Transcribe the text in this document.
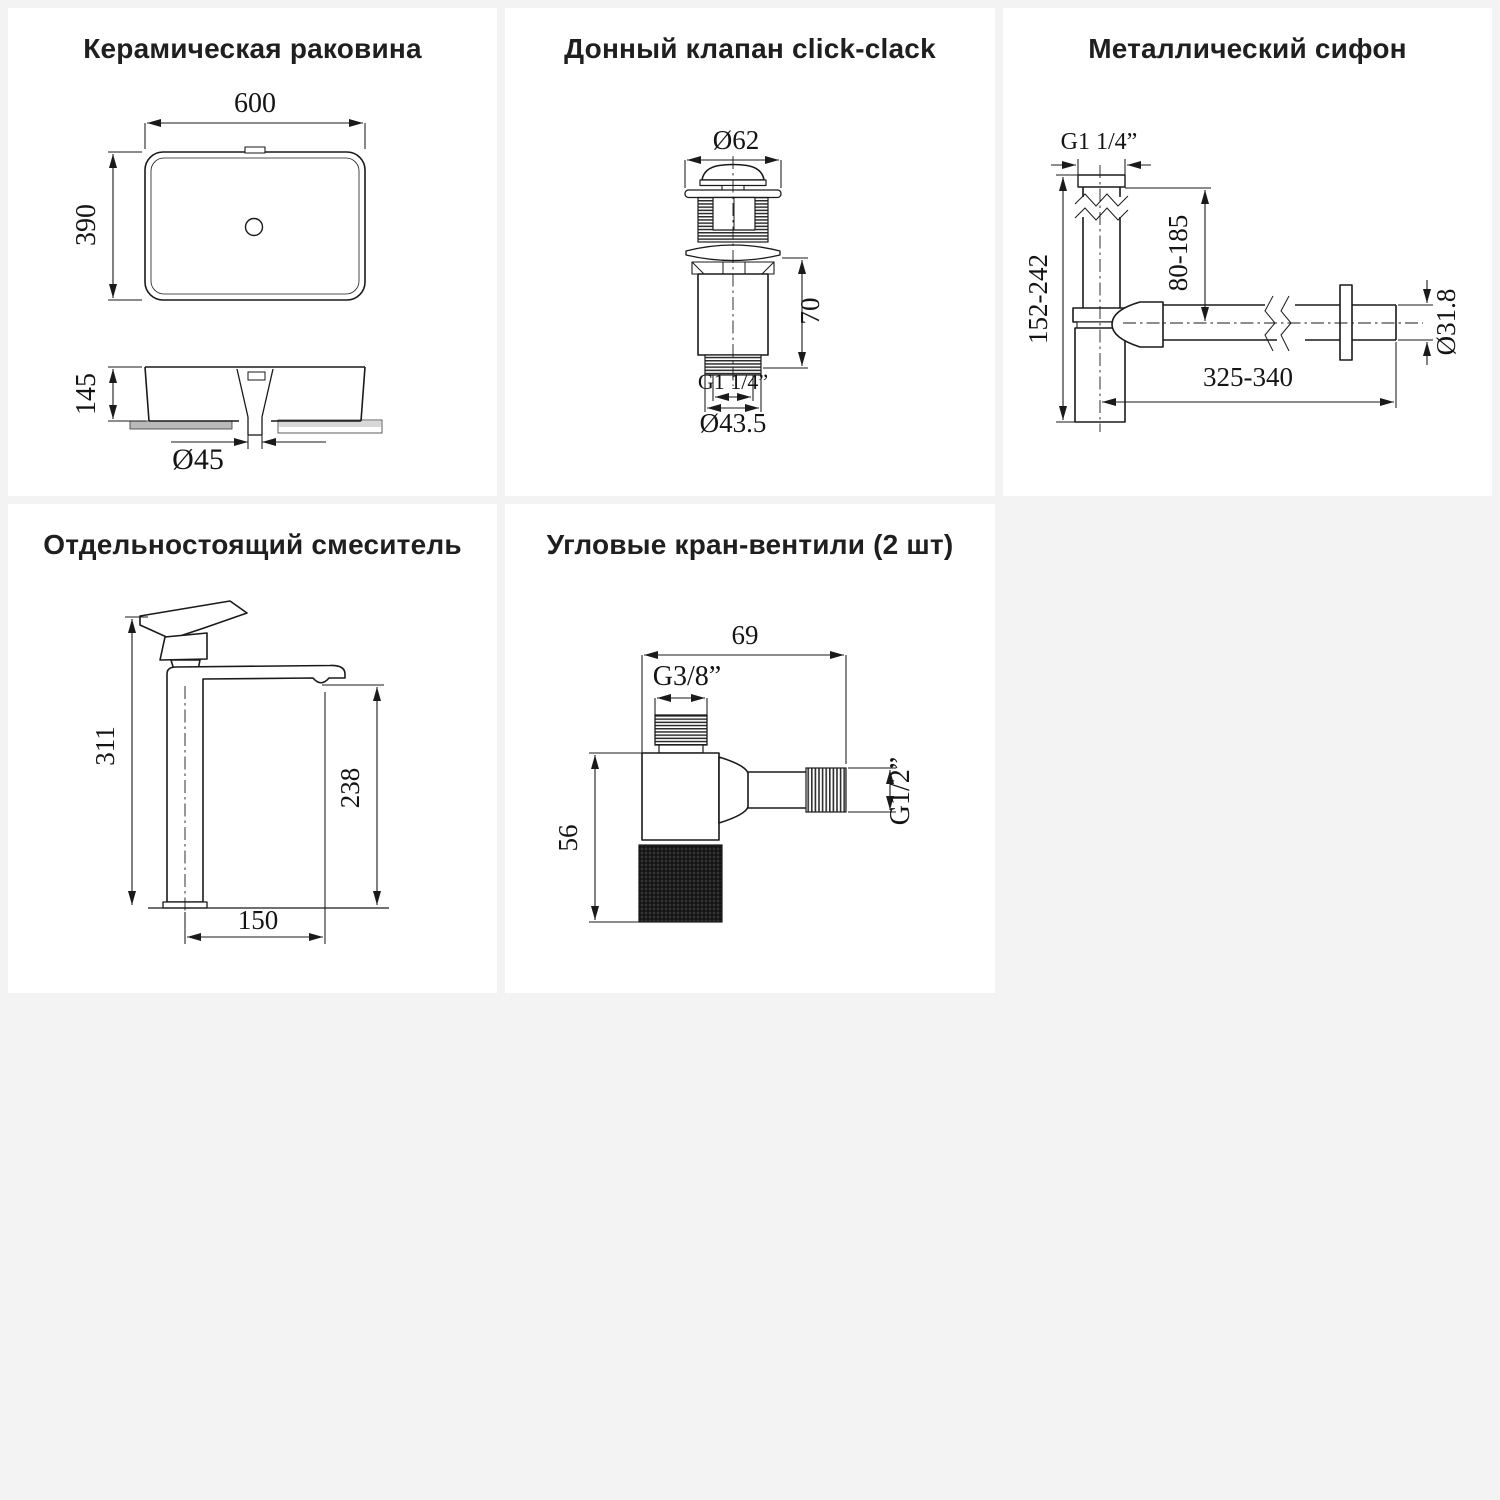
Керамическая раковина
600
390
145
Ø45
Донный клапан click-clack
Ø62
70
G1 1/4”
Ø43.5
Металлический сифон
G1 1/4”
152-242
80-185
Ø31.8
325-340
Отдельностоящий смеситель
311
238
150
Угловые кран-вентили (2 шт)
69
G3/8”
G1/2”
56
